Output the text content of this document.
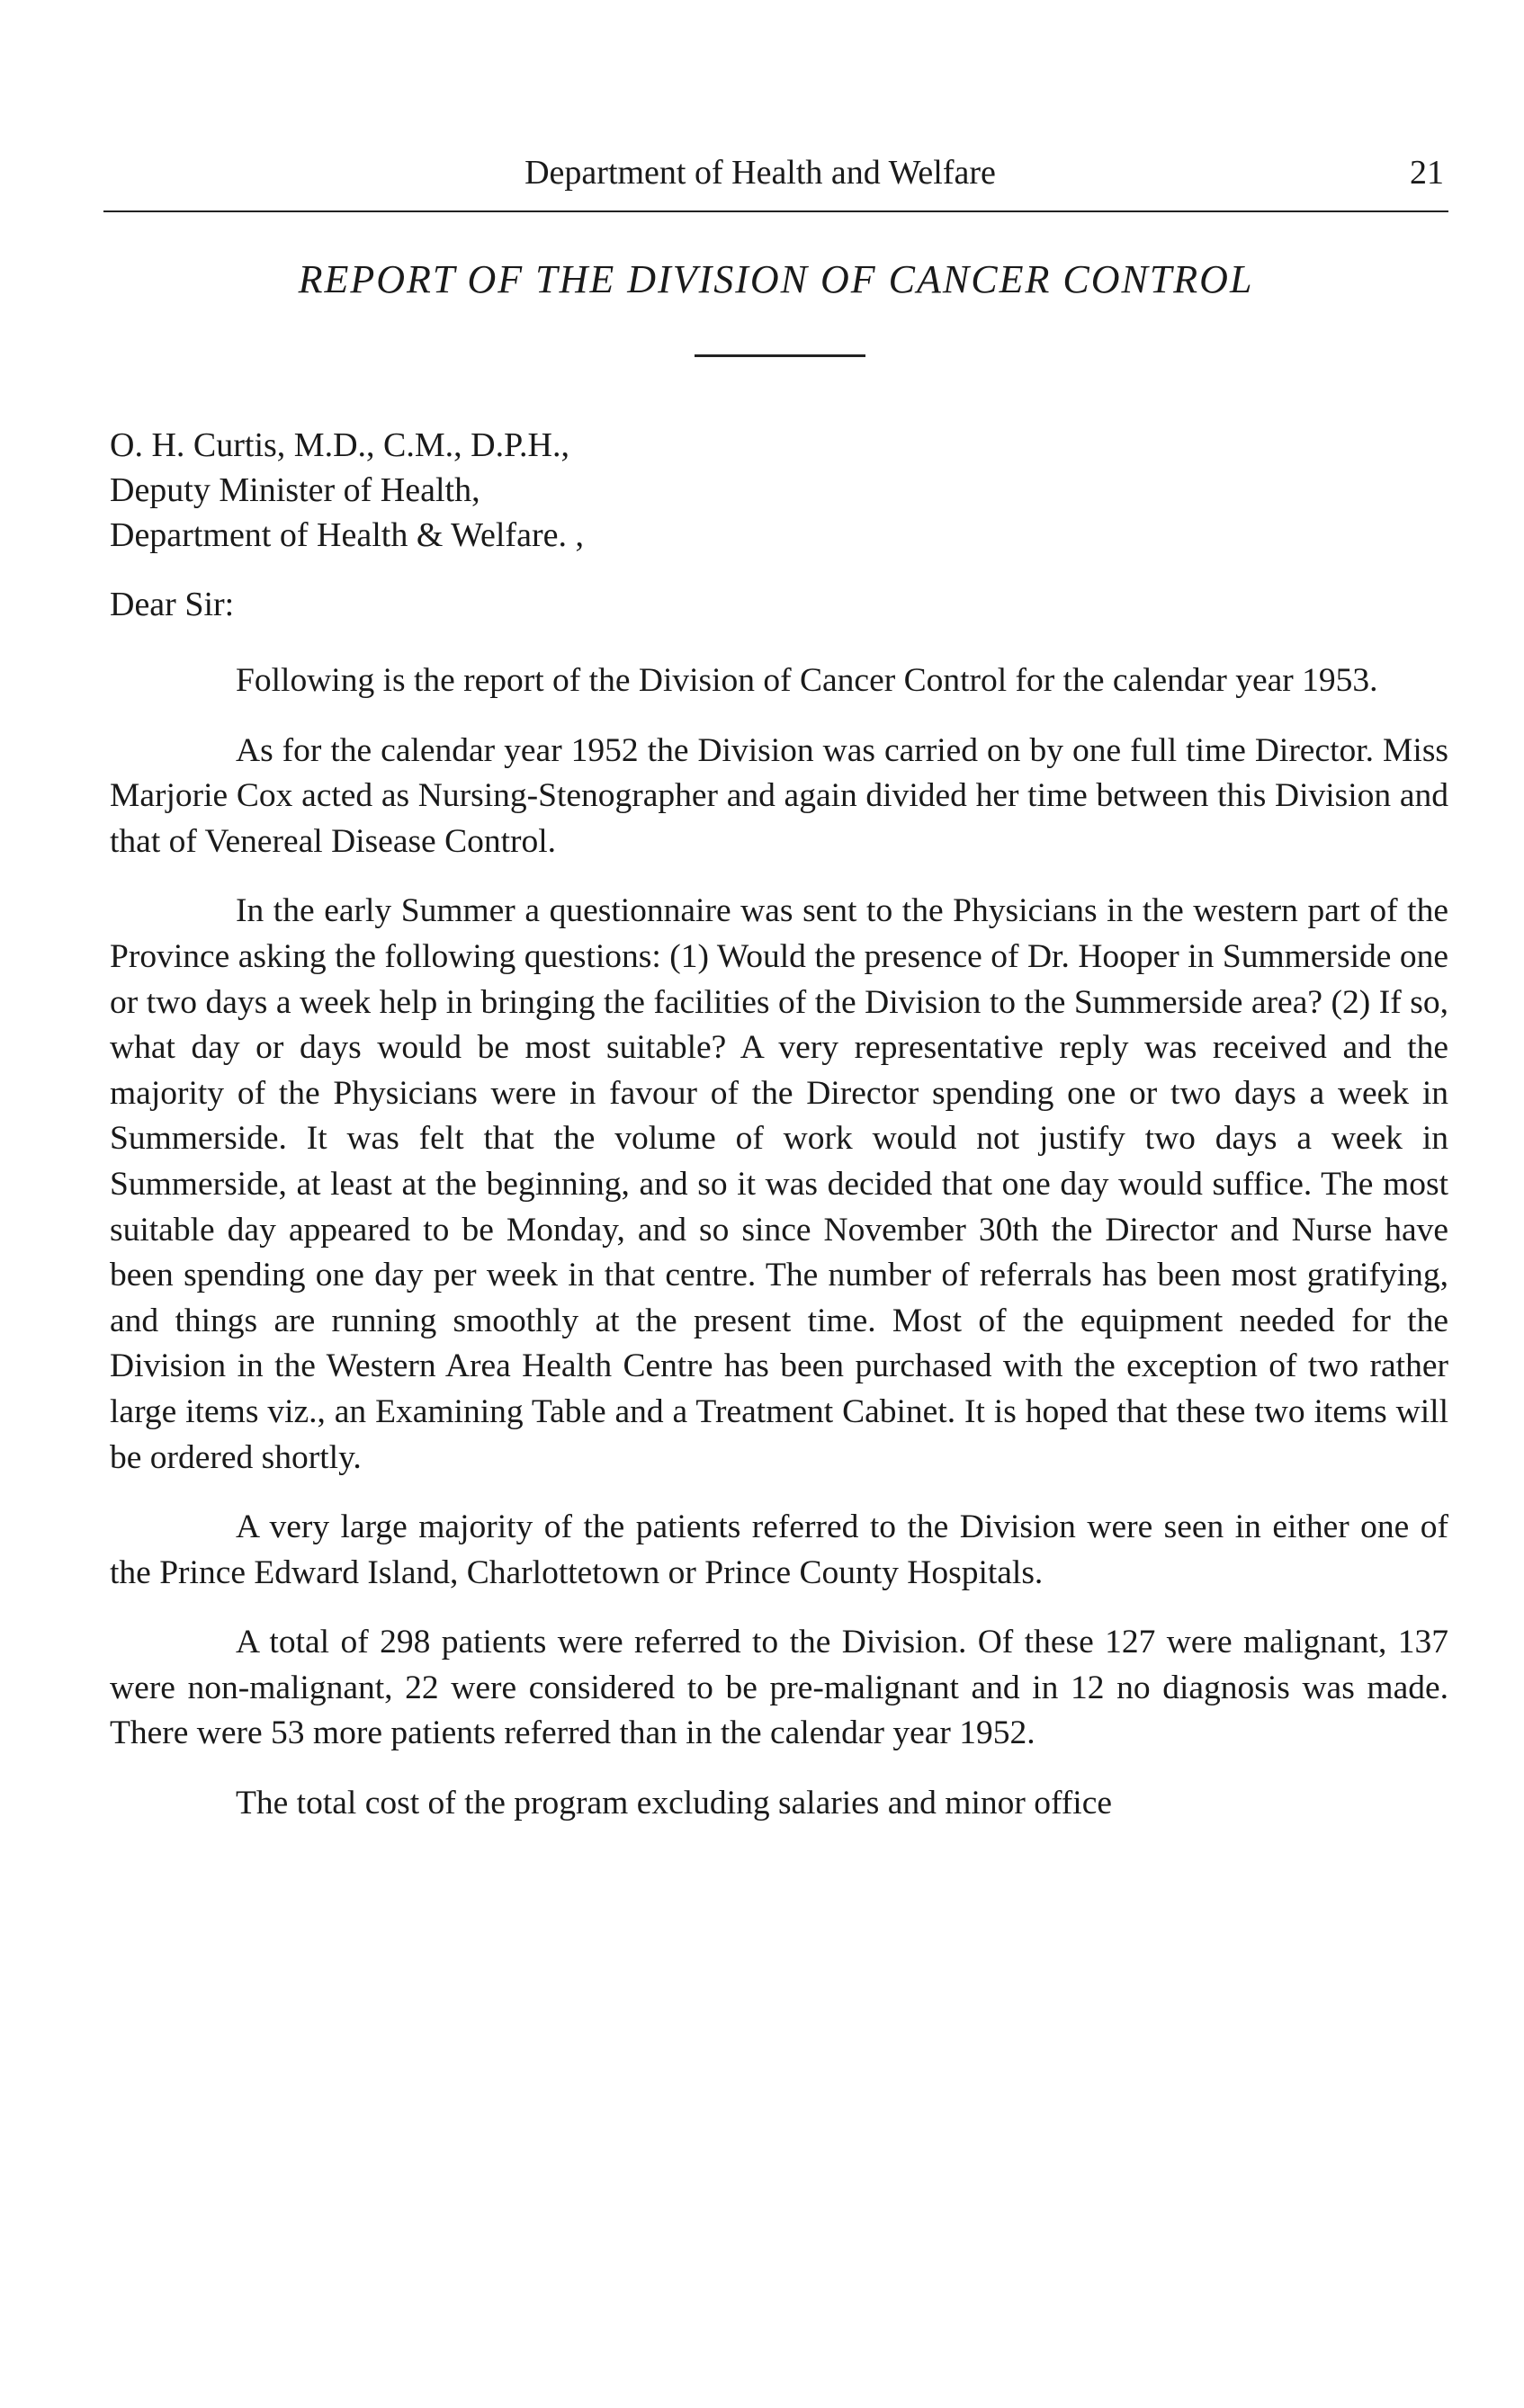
Department of Health and Welfare	21
REPORT OF THE DIVISION OF CANCER CONTROL
O. H. Curtis, M.D., C.M., D.P.H.,
Deputy Minister of Health,
Department of Health & Welfare. ,
Dear Sir:

Following is the report of the Division of Cancer Control for the calendar year 1953.

As for the calendar year 1952 the Division was carried on by one full time Director. Miss Marjorie Cox acted as Nursing-Stenographer and again divided her time between this Division and that of Venereal Disease Control.

In the early Summer a questionnaire was sent to the Physicians in the western part of the Province asking the following questions: (1) Would the presence of Dr. Hooper in Summerside one or two days a week help in bringing the facilities of the Division to the Summerside area? (2) If so, what day or days would be most suitable? A very representative reply was received and the majority of the Physicians were in favour of the Director spending one or two days a week in Summerside. It was felt that the volume of work would not justify two days a week in Summerside, at least at the beginning, and so it was decided that one day would suffice. The most suitable day appeared to be Monday, and so since November 30th the Director and Nurse have been spending one day per week in that centre. The number of referrals has been most gratifying, and things are running smoothly at the present time. Most of the equipment needed for the Division in the Western Area Health Centre has been purchased with the exception of two rather large items viz., an Examining Table and a Treatment Cabinet. It is hoped that these two items will be ordered shortly.

A very large majority of the patients referred to the Division were seen in either one of the Prince Edward Island, Charlottetown or Prince County Hospitals.

A total of 298 patients were referred to the Division. Of these 127 were malignant, 137 were non-malignant, 22 were considered to be pre-malignant and in 12 no diagnosis was made. There were 53 more patients referred than in the calendar year 1952.

The total cost of the program excluding salaries and minor office
